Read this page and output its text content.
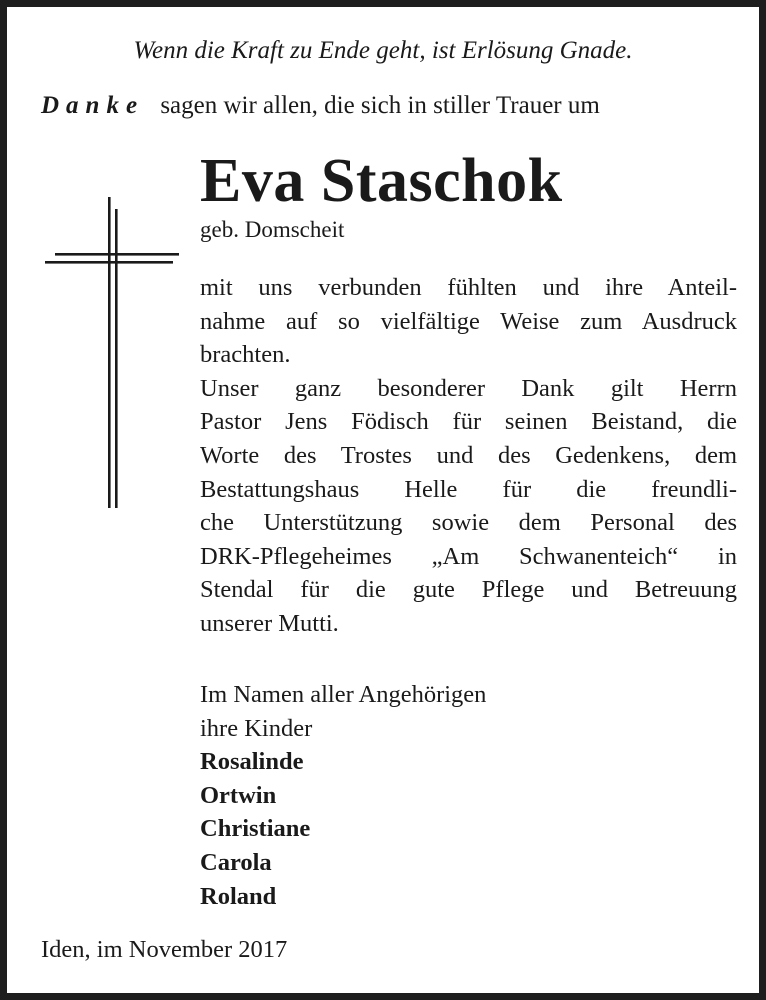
Wenn die Kraft zu Ende geht, ist Erlösung Gnade.
Danke sagen wir allen, die sich in stiller Trauer um
Eva Staschok
geb. Domscheit
mit uns verbunden fühlten und ihre Anteil-
nahme auf so vielfältige Weise zum Ausdruck
brachten.
Unser ganz besonderer Dank gilt Herrn
Pastor Jens Födisch für seinen Beistand, die
Worte des Trostes und des Gedenkens, dem
Bestattungshaus Helle für die freundli-
che Unterstützung sowie dem Personal des
DRK-Pflegeheimes „Am Schwanenteich“ in
Stendal für die gute Pflege und Betreuung
unserer Mutti.
Im Namen aller Angehörigen
ihre Kinder
Rosalinde
Ortwin
Christiane
Carola
Roland
Iden, im November 2017
